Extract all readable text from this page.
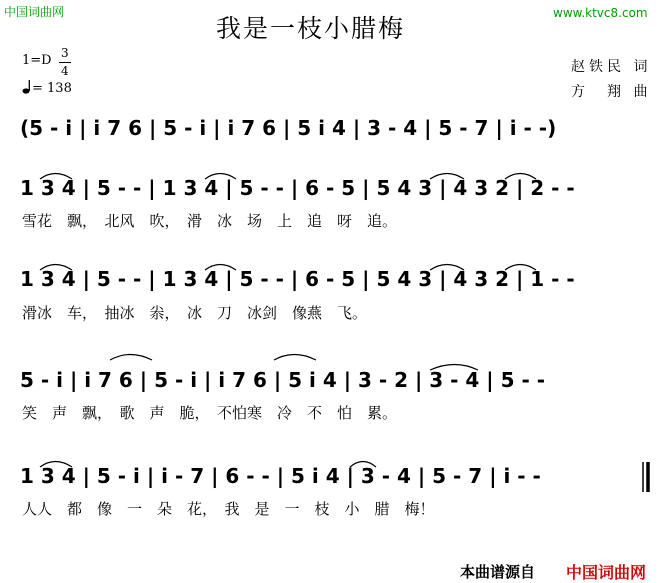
中国词曲网	www.ktvc8.com
我是一枝小腊梅
1=D 3
4
= 138
赵铁民 词
方　翔 曲
(5 - i̇ | i̇ 7 6 | 5 - i̇ | i̇ 7 6 | 5 i̇ 4 | 3 - 4 | 5 - 7 | i̇ - -)
1 3 4 | 5 - - | 1 3 4 | 5 - - | 6 - 5 | 5 4 3 | 4 3 2 | 2 - -
雪花　飘，　北风　吹，　滑　冰　场　上　追　呀　追。
1 3 4 | 5 - - | 1 3 4 | 5 - - | 6 - 5 | 5 4 3 | 4 3 2 | 1 - -
滑冰　车，　抽冰　尜，　冰　刀　冰剑　像燕　飞。
5 - i̇ | i̇ 7 6 | 5 - i̇ | i̇ 7 6 | 5 i̇ 4 | 3 - 2 | 3 - 4 | 5 - -
笑　声　飘，　歌　声　脆，　不怕寒　冷　不　怕　累。
1 3 4 | 5 - i̇ | i̇ - 7 | 6 - - | 5 i̇ 4 | 3 - 4 | 5 - 7 | i̇ - -
人人　都　像　一　朵　花，　我　是　一　枝　小　腊　梅！
本曲谱源自 中国词曲网
